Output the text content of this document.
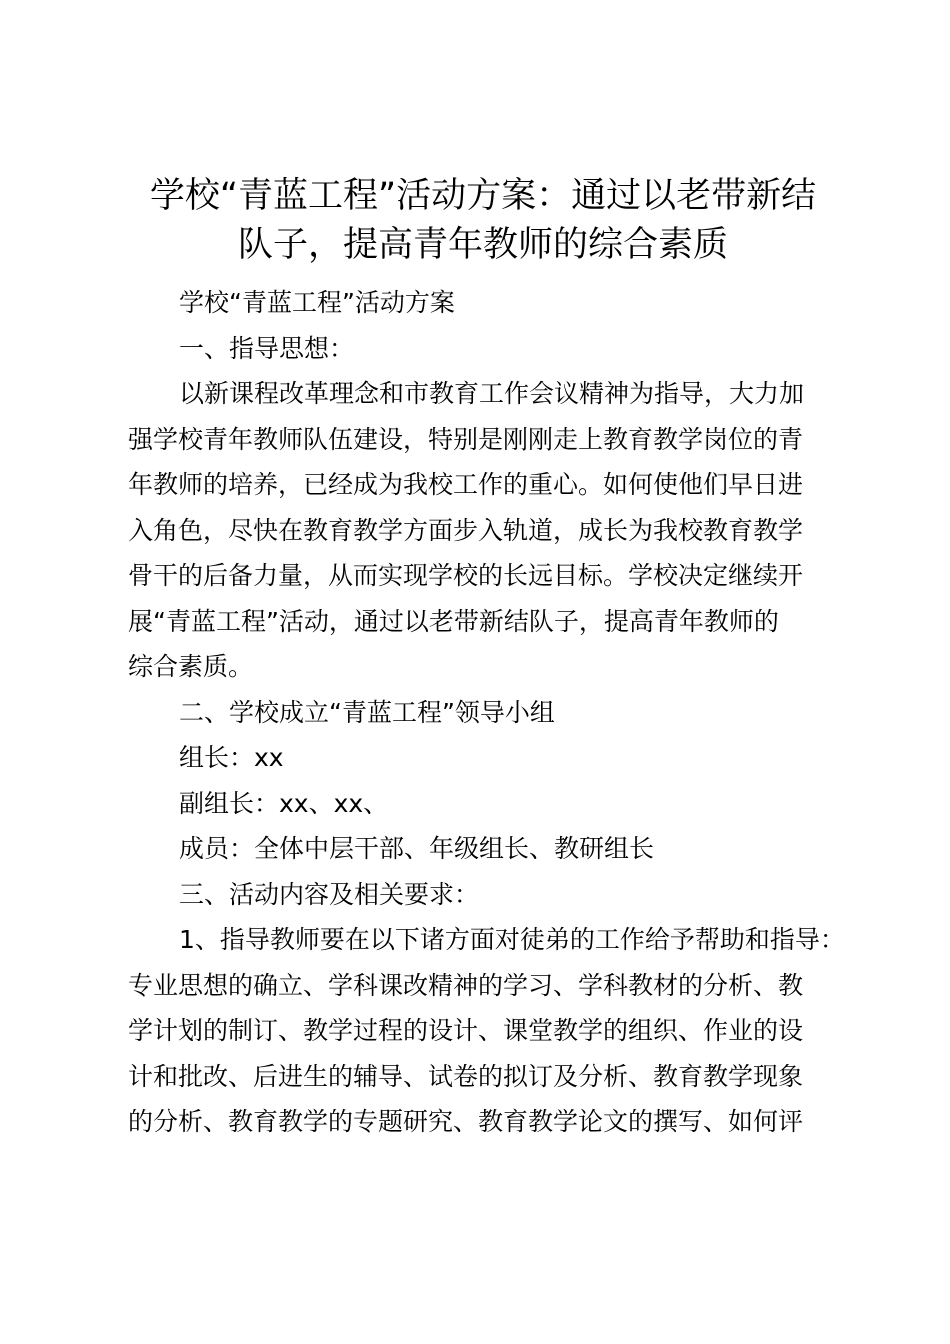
学校“青蓝工程”活动方案：通过以老带新结
队子，提高青年教师的综合素质
学校“青蓝工程”活动方案
一、指导思想：
以新课程改革理念和市教育工作会议精神为指导，大力加
强学校青年教师队伍建设，特别是刚刚走上教育教学岗位的青
年教师的培养，已经成为我校工作的重心。如何使他们早日进
入角色，尽快在教育教学方面步入轨道，成长为我校教育教学
骨干的后备力量，从而实现学校的长远目标。学校决定继续开
展“青蓝工程”活动，通过以老带新结队子，提高青年教师的
综合素质。
二、学校成立“青蓝工程”领导小组
组长：xx
副组长：xx、xx、
成员：全体中层干部、年级组长、教研组长
三、活动内容及相关要求：
1、指导教师要在以下诸方面对徒弟的工作给予帮助和指导：
专业思想的确立、学科课改精神的学习、学科教材的分析、教
学计划的制订、教学过程的设计、课堂教学的组织、作业的设
计和批改、后进生的辅导、试卷的拟订及分析、教育教学现象
的分析、教育教学的专题研究、教育教学论文的撰写、如何评
